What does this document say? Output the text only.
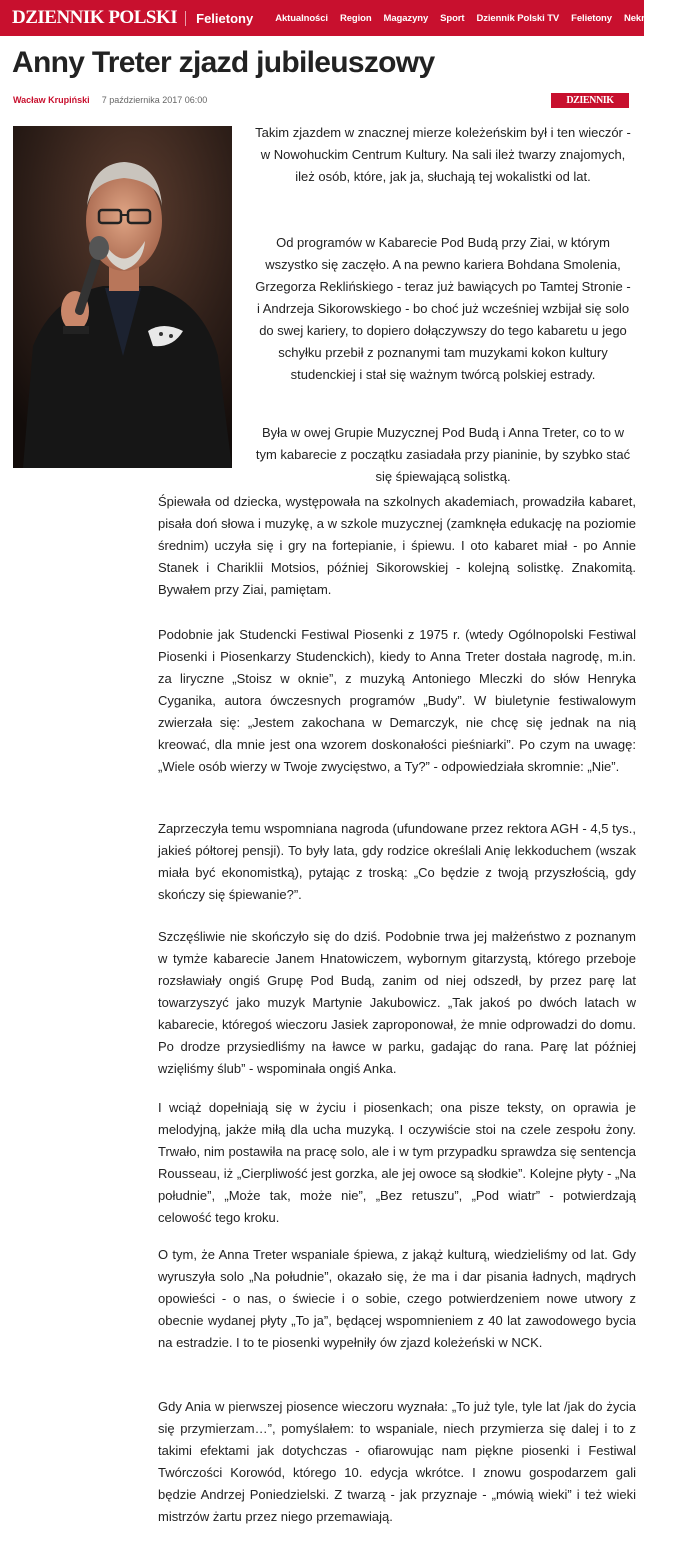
DZIENNIK POLSKI	Felietony	Aktualności Region Magazyny Sport Dziennik Polski TV Felietony Nekrologi Po
Anny Treter zjazd jubileuszowy
Wacław Krupiński 7 października 2017 06:00	DZIENNIK POLSKI

Takim zjazdem w znacznej mierze koleżeńskim był i ten wieczór - w Nowohuckim Centrum Kultury. Na sali ileż twarzy znajomych, ileż osób, które, jak ja, słuchają tej wokalistki od lat.

Od programów w Kabarecie Pod Budą przy Ziai, w którym wszystko się zaczęło. A na pewno kariera Bohdana Smolenia, Grzegorza Reklińskiego - teraz już bawiących po Tamtej Stronie - i Andrzeja Sikorowskiego - bo choć już wcześniej wzbijał się solo do swej kariery, to dopiero dołączywszy do tego kabaretu u jego schyłku przebił z poznanymi tam muzykami kokon kultury studenckiej i stał się ważnym twórcą polskiej estrady.

Była w owej Grupie Muzycznej Pod Budą i Anna Treter, co to w tym kabarecie z początku zasiadała przy pianinie, by szybko stać się śpiewającą solistką.

Śpiewała od dziecka, występowała na szkolnych akademiach, prowadziła kabaret, pisała doń słowa i muzykę, a w szkole muzycznej (zamknęła edukację na poziomie średnim) uczyła się i gry na fortepianie, i śpiewu. I oto kabaret miał - po Annie Stanek i Chariklii Motsios, później Sikorowskiej - kolejną solistkę. Znakomitą. Bywałem przy Ziai, pamiętam.

Podobnie jak Studencki Festiwal Piosenki z 1975 r. (wtedy Ogólnopolski Festiwal Piosenki i Piosenkarzy Studenckich), kiedy to Anna Treter dostała nagrodę, m.in. za liryczne „Stoisz w oknie”, z muzyką Antoniego Mleczki do słów Henryka Cyganika, autora ówczesnych programów „Budy”. W biuletynie festiwalowym zwierzała się: „Jestem zakochana w Demarczyk, nie chcę się jednak na nią kreować, dla mnie jest ona wzorem doskonałości pieśniarki”. Po czym na uwagę: „Wiele osób wierzy w Twoje zwycięstwo, a Ty?” - odpowiedziała skromnie: „Nie”.

Zaprzeczyła temu wspomniana nagroda (ufundowane przez rektora AGH - 4,5 tys., jakieś półtorej pensji). To były lata, gdy rodzice określali Anię lekkoduchem (wszak miała być ekonomistką), pytając z troską: „Co będzie z twoją przyszłością, gdy skończy się śpiewanie?”.

Szczęśliwie nie skończyło się do dziś. Podobnie trwa jej małżeństwo z poznanym w tymże kabarecie Janem Hnatowiczem, wybornym gitarzystą, którego przeboje rozsławiały ongiś Grupę Pod Budą, zanim od niej odszedł, by przez parę lat towarzyszyć jako muzyk Martynie Jakubowicz. „Tak jakoś po dwóch latach w kabarecie, któregoś wieczoru Jasiek zaproponował, że mnie odprowadzi do domu. Po drodze przysiedliśmy na ławce w parku, gadając do rana. Parę lat później wzięliśmy ślub” - wspominała ongiś Anka.

I wciąż dopełniają się w życiu i piosenkach; ona pisze teksty, on oprawia je melodyjną, jakże miłą dla ucha muzyką. I oczywiście stoi na czele zespołu żony. Trwało, nim postawiła na pracę solo, ale i w tym przypadku sprawdza się sentencja Rousseau, iż „Cierpliwość jest gorzka, ale jej owoce są słodkie”. Kolejne płyty - „Na południe”, „Może tak, może nie”, „Bez retuszu”, „Pod wiatr” - potwierdzają celowość tego kroku.

O tym, że Anna Treter wspaniale śpiewa, z jakąż kulturą, wiedzieliśmy od lat. Gdy wyruszyła solo „Na południe”, okazało się, że ma i dar pisania ładnych, mądrych opowieści - o nas, o świecie i o sobie, czego potwierdzeniem nowe utwory z obecnie wydanej płyty „To ja”, będącej wspomnieniem z 40 lat zawodowego bycia na estradzie. I to te piosenki wypełniły ów zjazd koleżeński w NCK.

Gdy Ania w pierwszej piosence wieczoru wyznała: „To już tyle, tyle lat /jak do życia się przymierzam…”, pomyślałem: to wspaniale, niech przymierza się dalej i to z takimi efektami jak dotychczas - ofiarowując nam piękne piosenki i Festiwal Twórczości Korowód, którego 10. edycja wkrótce. I znowu gospodarzem gali będzie Andrzej Poniedzielski. Z twarzą - jak przyznaje - „mówią wieki” i też wieki mistrzów żartu przez niego przemawiają.
